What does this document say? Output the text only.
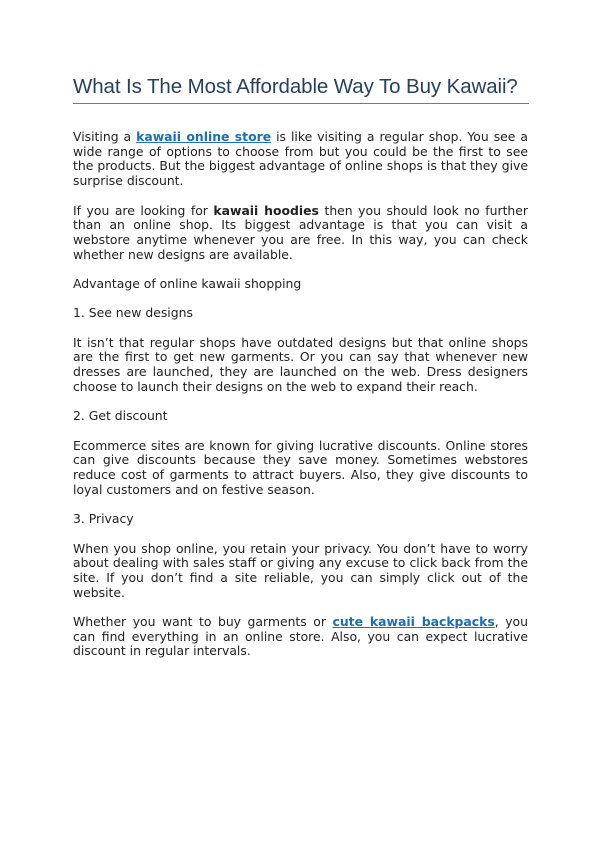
What Is The Most Affordable Way To Buy Kawaii?

Visiting a kawaii online store is like visiting a regular shop. You see a wide range of options to choose from but you could be the first to see the products. But the biggest advantage of online shops is that they give surprise discount.

If you are looking for kawaii hoodies then you should look no further than an online shop. Its biggest advantage is that you can visit a webstore anytime whenever you are free. In this way, you can check whether new designs are available.

Advantage of online kawaii shopping

1. See new designs

It isn’t that regular shops have outdated designs but that online shops are the first to get new garments. Or you can say that whenever new dresses are launched, they are launched on the web. Dress designers choose to launch their designs on the web to expand their reach.

2. Get discount

Ecommerce sites are known for giving lucrative discounts. Online stores can give discounts because they save money. Sometimes webstores reduce cost of garments to attract buyers. Also, they give discounts to loyal customers and on festive season.

3. Privacy

When you shop online, you retain your privacy. You don’t have to worry about dealing with sales staff or giving any excuse to click back from the site. If you don’t find a site reliable, you can simply click out of the website.

Whether you want to buy garments or cute kawaii backpacks, you can find everything in an online store. Also, you can expect lucrative discount in regular intervals.
